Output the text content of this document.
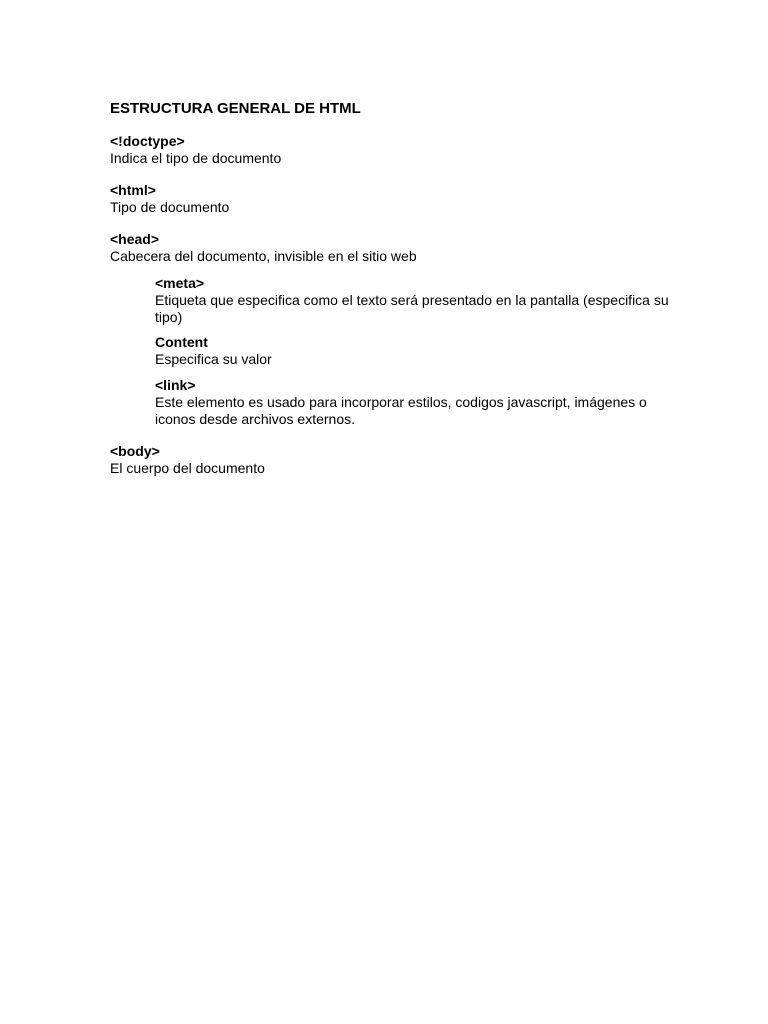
ESTRUCTURA GENERAL DE HTML
<!doctype>
Indica el tipo de documento
<html>
Tipo de documento
<head>
Cabecera del documento, invisible en el sitio web
<meta>
Etiqueta que especifica como el texto será presentado en la pantalla (especifica su tipo)
Content
Especifica su valor
<link>
Este elemento es usado para incorporar estilos, codigos javascript, imágenes o iconos desde archivos externos.
<body>
El cuerpo del documento
